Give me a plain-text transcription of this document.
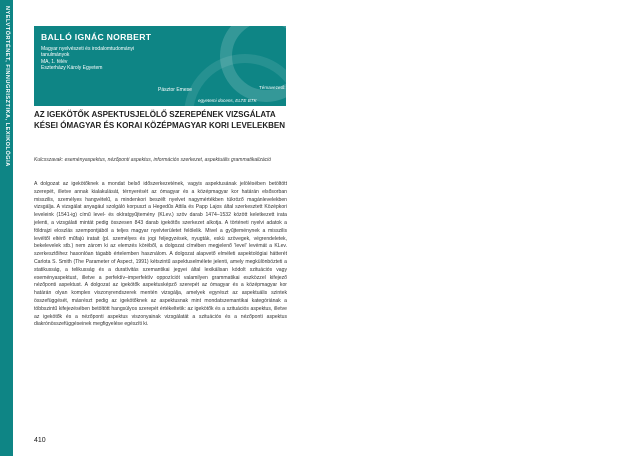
NYELVTÖRTÉNET, FINNUGRISZTIKA, LEXIKOLÓGIA	BALLÓ IGNÁC NORBERT
Magyar nyelvészeti és irodalomtudományi
tanulmányok
MA, 1. félév
Eszterházy Károly Egyetem
Témavezető:
Pásztor Emese
egyetemi docens, ELTE BTK
AZ IGEKÖTŐK ASPEKTUSJELÖLŐ SZEREPÉNEK VIZSGÁLATA KÉSEI ÓMAGYAR ÉS KORAI KÖZÉPMAGYAR KORI LEVELEKBEN
Kulcsszavak: eseményaspektus, nézőponti aspektus, információs szerkezet, aspektuális grammatikalizáció

A dolgozat az igekötőknek a mondat belső időszerkezetének, vagyis aspektusának jelölésében betöltött szerepét, illetve annak kialakulását, térnyerését az ómagyar és a középmagyar kor határán elsősorban misszilis, személyes hangvételű, a mindenkori beszélt nyelvet nagymértékben tükröző magánlevelekben vizsgálja. A vizsgálat anyagául szolgáló korpuszt a Hegedűs Attila és Papp Lajos által szerkesztett Középkori leveleink (1541-ig) című level- és oklratgyűjtemény (KLev.) szöv darab 1474–1532 között keletkezett irata jelenti, a vizsgálati mintát pedig összesen 843 darab igekötős szerkezet alkotja. A történeti nyelvi adatok a földrajzi eloszlás szempontjából a teljes magyar nyelvterületet felölelik. Mivel a gyűjteménynek a misszilis levéltől eltérő műfajú iratait (pl. személyes és jogi feljegyzések, nyugták, eskü szövegek, végrendeletek, bekelevelek stb.) nem zárom ki az elemzés köréből, a dolgozat címében megjelenő 'level' levémát a KLev. szerkesztőihez hasonlóan tágabb értelemben használom. A dolgozat alapvető elméleti aspektológiai hátterét Carlota S. Smith (The Parameter of Aspect, 1991) kétszintű aspektuselmélete jelenti, amely megkülönbözteti a statikusság, a telikusság és a duratívitás szemantikai jegyei által lexikálisan kódolt szituációs vagy eseményaspektust, illetve a perfektív–imperfektív oppozíciót valamilyen grammatikai eszközzel kifejező nézőponti aspektust. A dolgozat az igekötők aspektusképző szerepét az ómagyar és a középmagyar kor határán olyan komplex viszonyrendszerek mentén vizsgálja, amelyek egyrészt az aspektuális szintek összefüggését, másrészt pedig az igekötőknek az aspektusnak mint mondatszemantikai kategóriának a többszintű kifejezésében betöltött hangsúlyos szerepét értékeltetik: az igekötők és a szituációs aspektus, illetve az igekötők és a nézőponti aspektus viszonyainak vizsgálatát a szituációs és a nézőponti aspektus diakrónösszefüggéseinek megfigyelése egészíti ki.

410
